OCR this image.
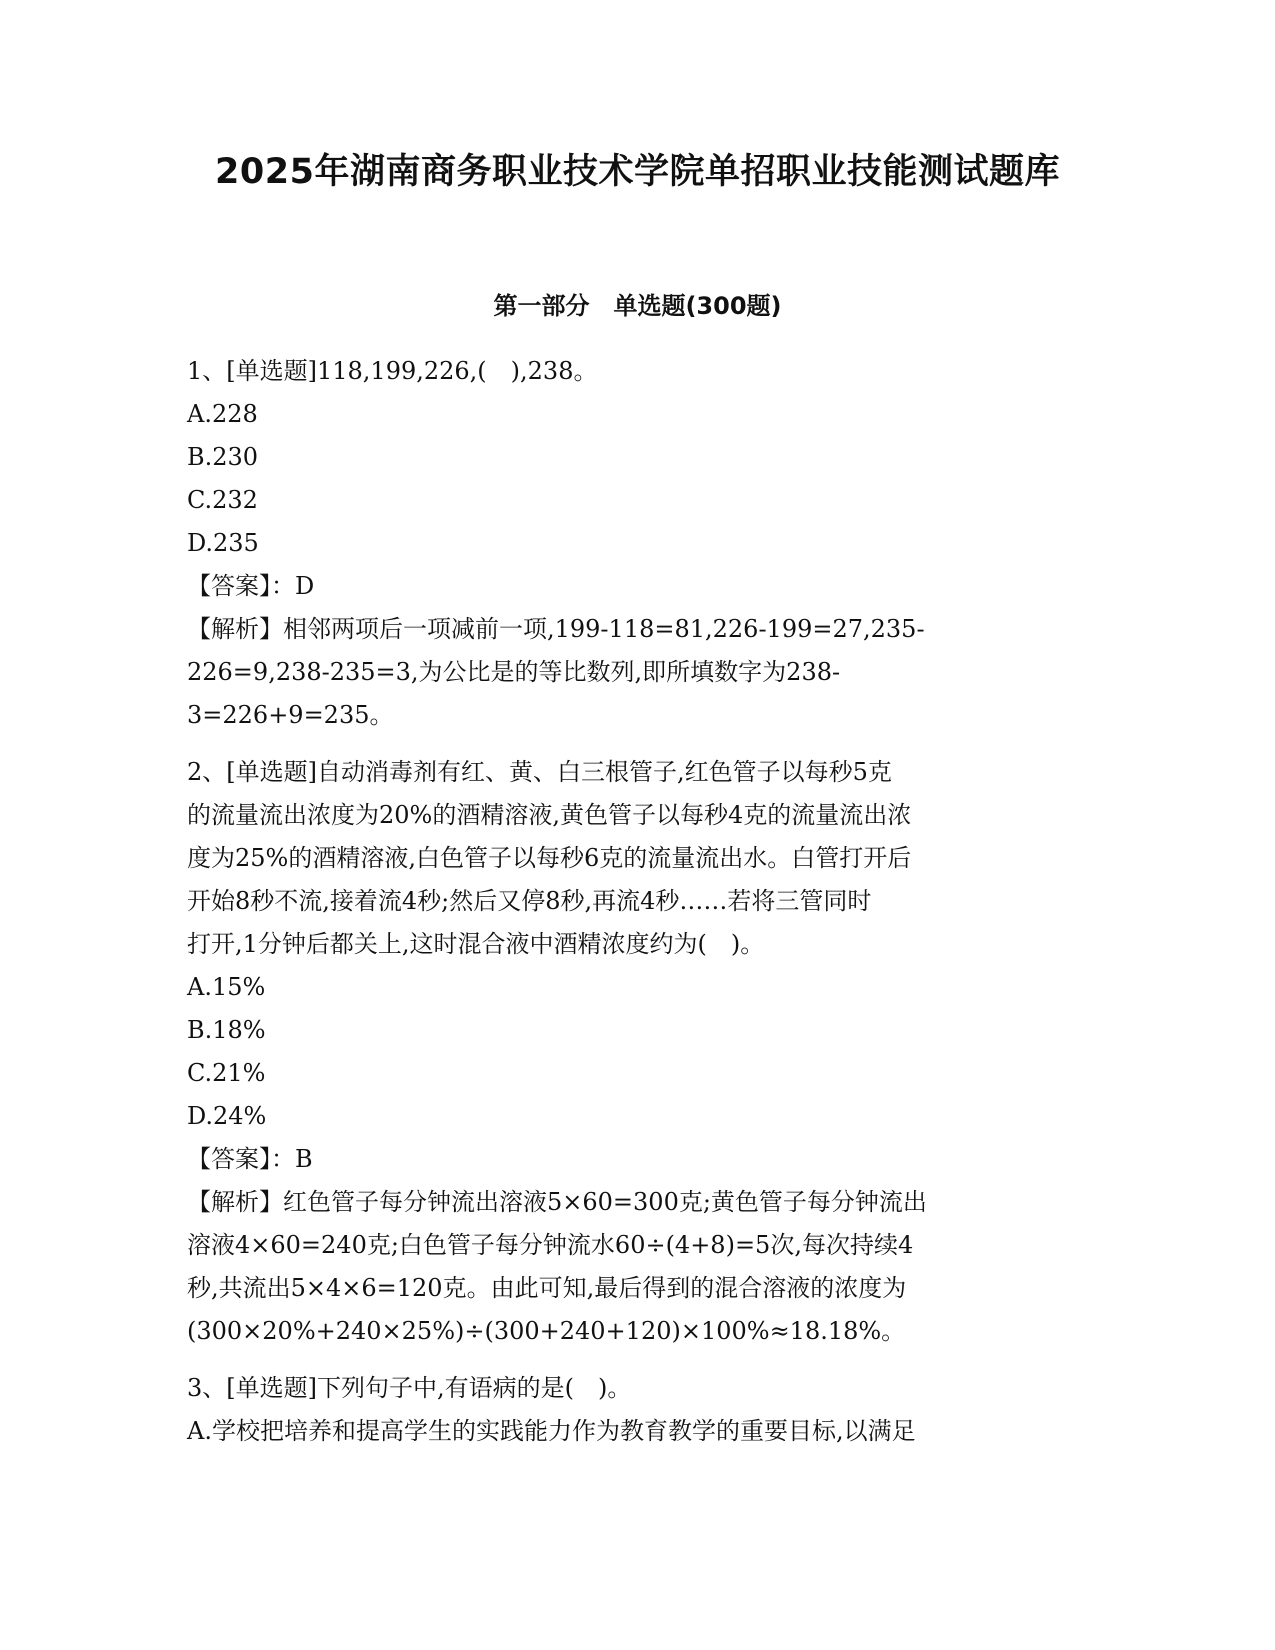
2025年湖南商务职业技术学院单招职业技能测试题库
第一部分　单选题(300题)
1、[单选题]118,199,226,(　),238。
A.228
B.230
C.232
D.235
【答案】：D
【解析】相邻两项后一项减前一项,199-118=81,226-199=27,235-
226=9,238-235=3,为公比是的等比数列,即所填数字为238-
3=226+9=235。
2、[单选题]自动消毒剂有红、黄、白三根管子,红色管子以每秒5克
的流量流出浓度为20%的酒精溶液,黄色管子以每秒4克的流量流出浓
度为25%的酒精溶液,白色管子以每秒6克的流量流出水。白管打开后
开始8秒不流,接着流4秒;然后又停8秒,再流4秒……若将三管同时
打开,1分钟后都关上,这时混合液中酒精浓度约为(　)。
A.15%
B.18%
C.21%
D.24%
【答案】：B
【解析】红色管子每分钟流出溶液5×60=300克;黄色管子每分钟流出
溶液4×60=240克;白色管子每分钟流水60÷(4+8)=5次,每次持续4
秒,共流出5×4×6=120克。由此可知,最后得到的混合溶液的浓度为
(300×20%+240×25%)÷(300+240+120)×100%≈18.18%。
3、[单选题]下列句子中,有语病的是(　)。
A.学校把培养和提高学生的实践能力作为教育教学的重要目标,以满足
